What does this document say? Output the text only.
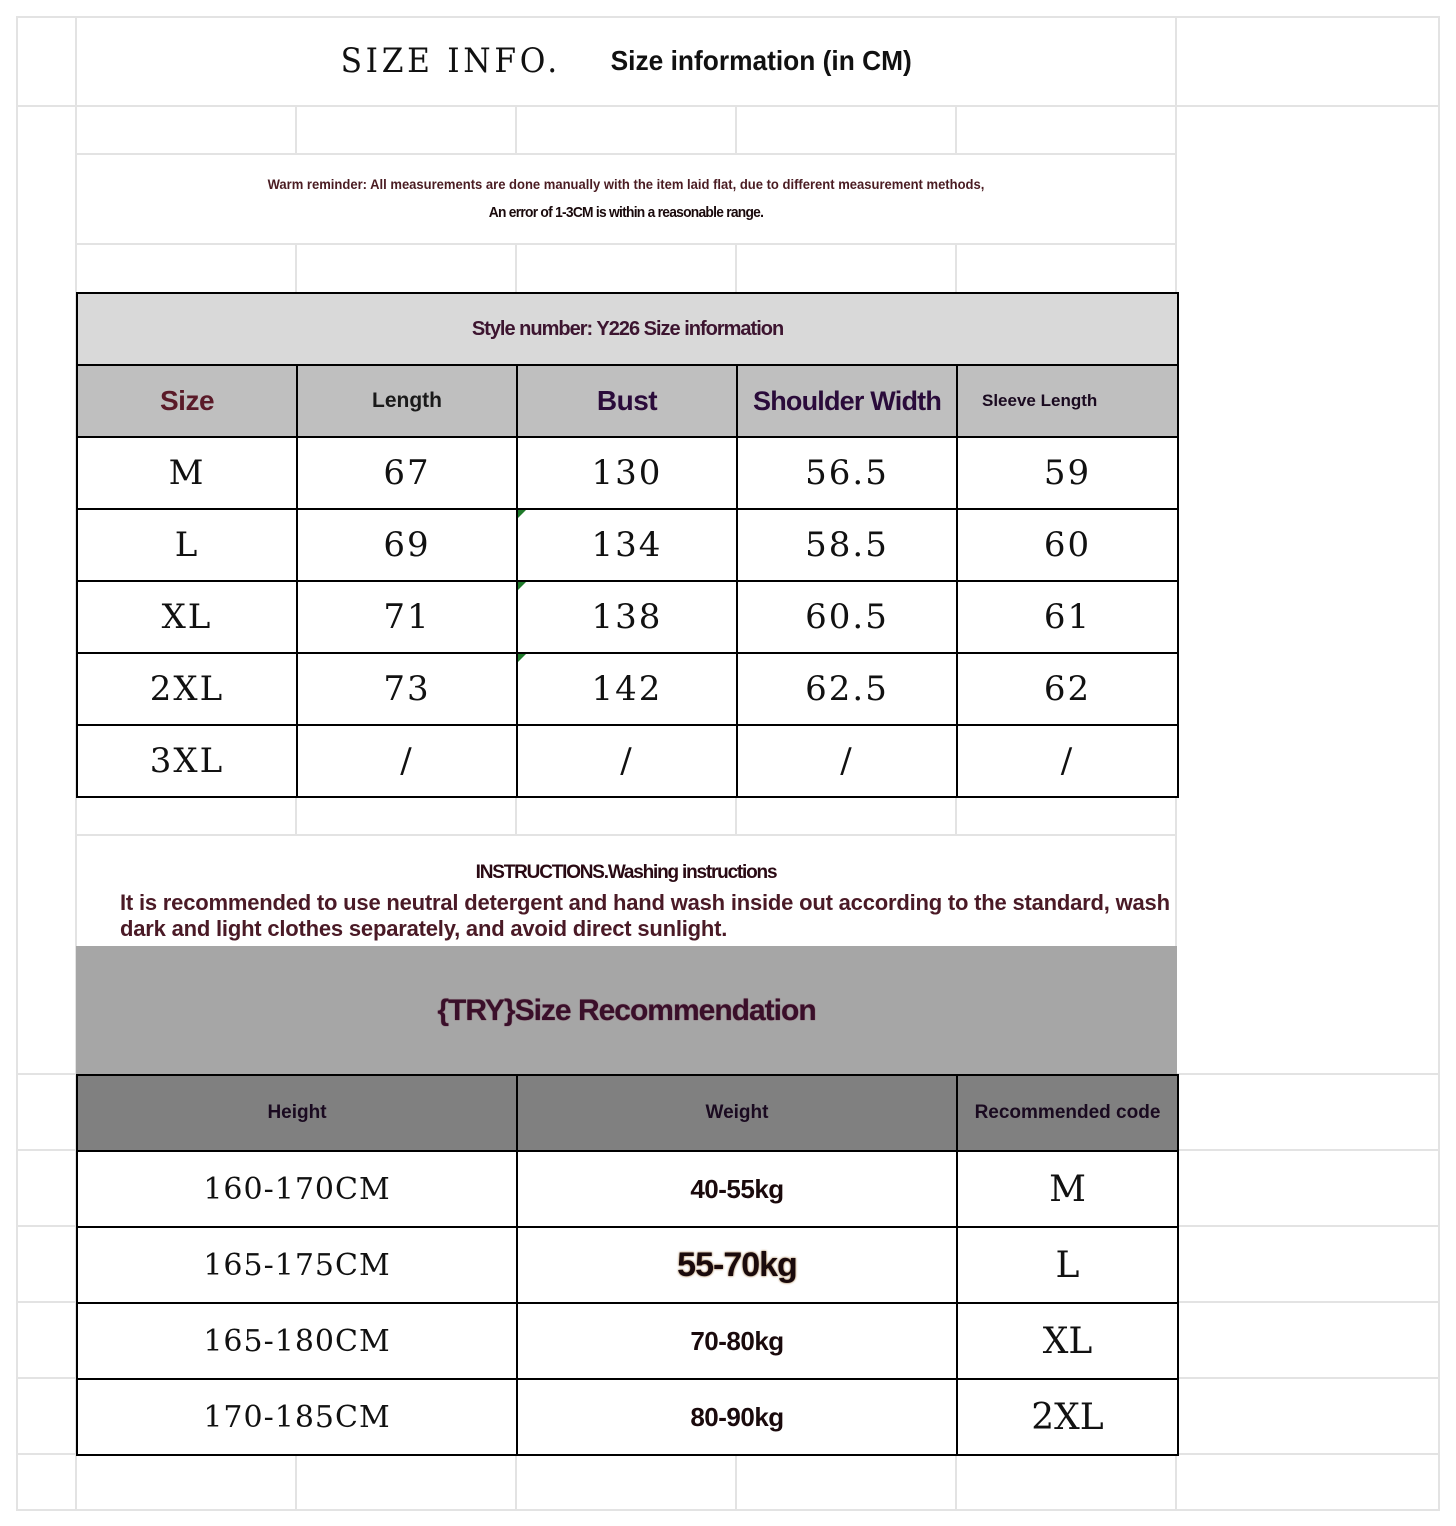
SIZE INFO. Size information (in CM)
Warm reminder: All measurements are done manually with the item laid flat, due to different measurement methods,
An error of 1-3CM is within a reasonable range.
Style number: Y226 Size information				
Size	Length	Bust	Shoulder Width	Sleeve Length
M	67	130	56.5	59
L	69	134	58.5	60
XL	71	138	60.5	61
2XL	73	142	62.5	62
3XL	/	/	/	/
INSTRUCTIONS.Washing instructions
It is recommended to use neutral detergent and hand wash inside out according to the standard, wash dark and light clothes separately, and avoid direct sunlight.
{TRY}Size Recommendation
Height	Weight	Recommended code
160-170CM	40-55kg	M
165-175CM	55-70kg	L
165-180CM	70-80kg	XL
170-185CM	80-90kg	2XL
